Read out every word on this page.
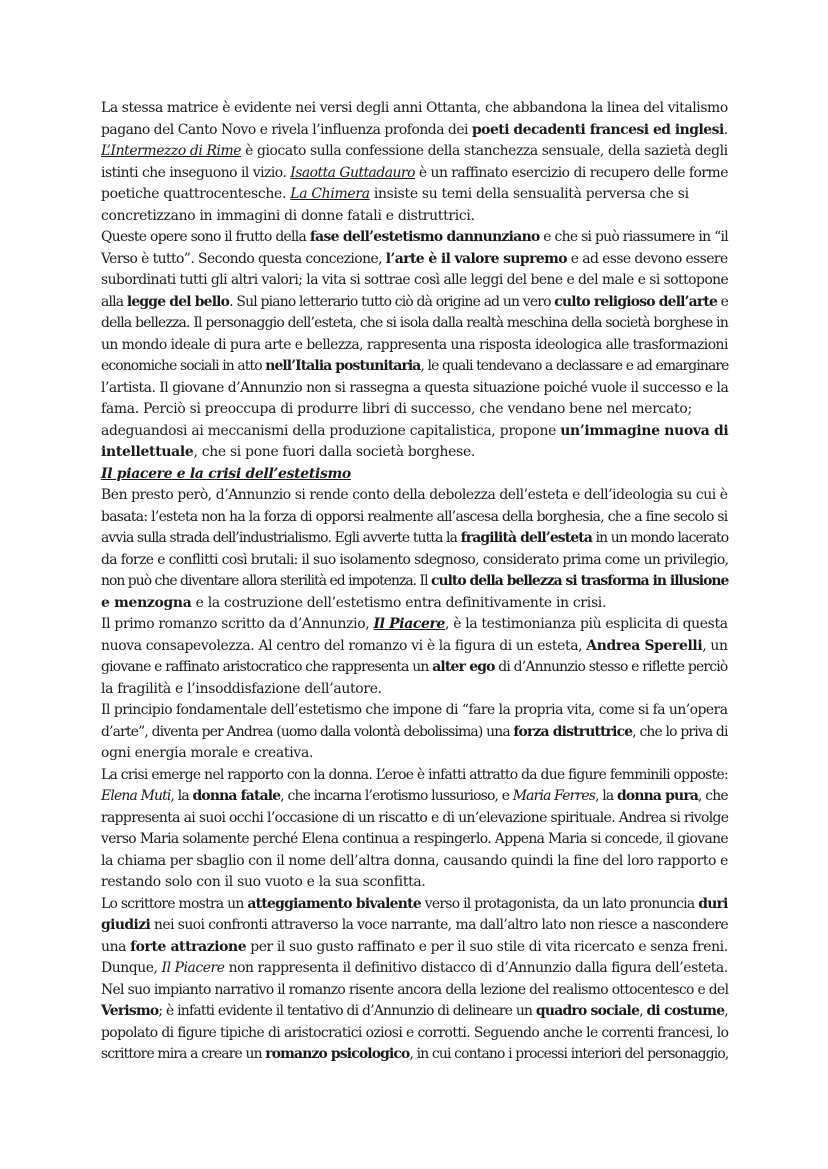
La stessa matrice è evidente nei versi degli anni Ottanta, che abbandona la linea del vitalismo
pagano del Canto Novo e rivela l’influenza profonda dei poeti decadenti francesi ed inglesi.
L’Intermezzo di Rime è giocato sulla confessione della stanchezza sensuale, della sazietà degli
istinti che inseguono il vizio. Isaotta Guttadauro è un raffinato esercizio di recupero delle forme
poetiche quattrocentesche. La Chimera insiste su temi della sensualità perversa che si
concretizzano in immagini di donne fatali e distruttrici.
Queste opere sono il frutto della fase dell’estetismo dannunziano e che si può riassumere in “il
Verso è tutto”. Secondo questa concezione, l’arte è il valore supremo e ad esse devono essere
subordinati tutti gli altri valori; la vita si sottrae così alle leggi del bene e del male e si sottopone
alla legge del bello. Sul piano letterario tutto ciò dà origine ad un vero culto religioso dell’arte e
della bellezza. Il personaggio dell’esteta, che si isola dalla realtà meschina della società borghese in
un mondo ideale di pura arte e bellezza, rappresenta una risposta ideologica alle trasformazioni
economiche sociali in atto nell’Italia postunitaria, le quali tendevano a declassare e ad emarginare
l’artista. Il giovane d’Annunzio non si rassegna a questa situazione poiché vuole il successo e la
fama. Perciò si preoccupa di produrre libri di successo, che vendano bene nel mercato;
adeguandosi ai meccanismi della produzione capitalistica, propone un’immagine nuova di
intellettuale, che si pone fuori dalla società borghese.
Il piacere e la crisi dell’estetismo
Ben presto però, d’Annunzio si rende conto della debolezza dell’esteta e dell’ideologia su cui è
basata: l’esteta non ha la forza di opporsi realmente all’ascesa della borghesia, che a fine secolo si
avvia sulla strada dell’industrialismo. Egli avverte tutta la fragilità dell’esteta in un mondo lacerato
da forze e conflitti così brutali: il suo isolamento sdegnoso, considerato prima come un privilegio,
non può che diventare allora sterilità ed impotenza. Il culto della bellezza si trasforma in illusione
e menzogna e la costruzione dell’estetismo entra definitivamente in crisi.
Il primo romanzo scritto da d’Annunzio, Il Piacere, è la testimonianza più esplicita di questa
nuova consapevolezza. Al centro del romanzo vi è la figura di un esteta, Andrea Sperelli, un
giovane e raffinato aristocratico che rappresenta un alter ego di d’Annunzio stesso e riflette perciò
la fragilità e l’insoddisfazione dell’autore.
Il principio fondamentale dell’estetismo che impone di “fare la propria vita, come si fa un’opera
d’arte”, diventa per Andrea (uomo dalla volontà debolissima) una forza distruttrice, che lo priva di
ogni energia morale e creativa.
La crisi emerge nel rapporto con la donna. L’eroe è infatti attratto da due figure femminili opposte:
Elena Muti, la donna fatale, che incarna l’erotismo lussurioso, e Maria Ferres, la donna pura, che
rappresenta ai suoi occhi l’occasione di un riscatto e di un’elevazione spirituale. Andrea si rivolge
verso Maria solamente perché Elena continua a respingerlo. Appena Maria si concede, il giovane
la chiama per sbaglio con il nome dell’altra donna, causando quindi la fine del loro rapporto e
restando solo con il suo vuoto e la sua sconfitta.
Lo scrittore mostra un atteggiamento bivalente verso il protagonista, da un lato pronuncia duri
giudizi nei suoi confronti attraverso la voce narrante, ma dall’altro lato non riesce a nascondere
una forte attrazione per il suo gusto raffinato e per il suo stile di vita ricercato e senza freni.
Dunque, Il Piacere non rappresenta il definitivo distacco di d’Annunzio dalla figura dell’esteta.
Nel suo impianto narrativo il romanzo risente ancora della lezione del realismo ottocentesco e del
Verismo; è infatti evidente il tentativo di d’Annunzio di delineare un quadro sociale, di costume,
popolato di figure tipiche di aristocratici oziosi e corrotti. Seguendo anche le correnti francesi, lo
scrittore mira a creare un romanzo psicologico, in cui contano i processi interiori del personaggio,
